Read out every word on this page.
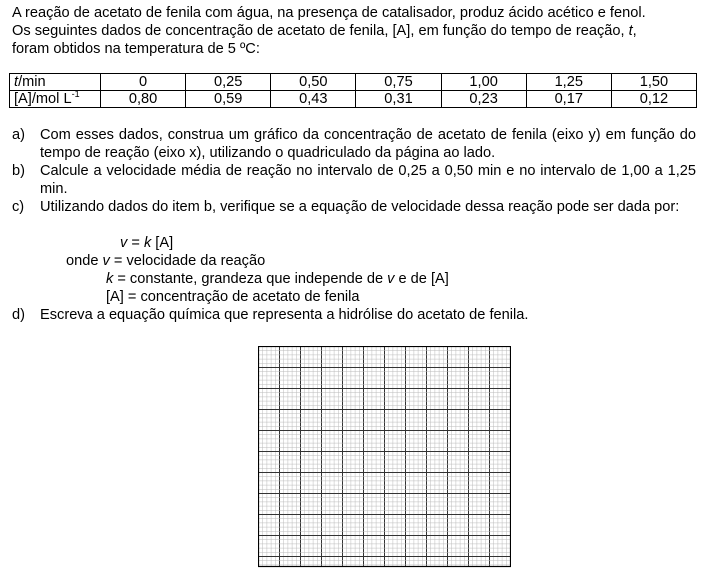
A reação de acetato de fenila com água, na presença de catalisador, produz ácido acético e fenol.
Os seguintes dados de concentração de acetato de fenila, [A], em função do tempo de reação, t,
foram obtidos na temperatura de 5 ºC:
t/min	0	0,25	0,50	0,75	1,00	1,25	1,50
[A]/mol $L^{-1}$	0,80	0,59	0,43	0,31	0,23	0,17	0,12
a) Com esses dados, construa um gráfico da concentração de acetato de fenila (eixo y) em função do tempo de reação (eixo x), utilizando o quadriculado da página ao lado.
b) Calcule a velocidade média de reação no intervalo de 0,25 a 0,50 min e no intervalo de 1,00 a 1,25 min.
c) Utilizando dados do item b, verifique se a equação de velocidade dessa reação pode ser dada por:
v = k [A]
onde v = velocidade da reação
k = constante, grandeza que independe de v e de [A]
[A] = concentração de acetato de fenila
d) Escreva a equação química que representa a hidrólise do acetato de fenila.
